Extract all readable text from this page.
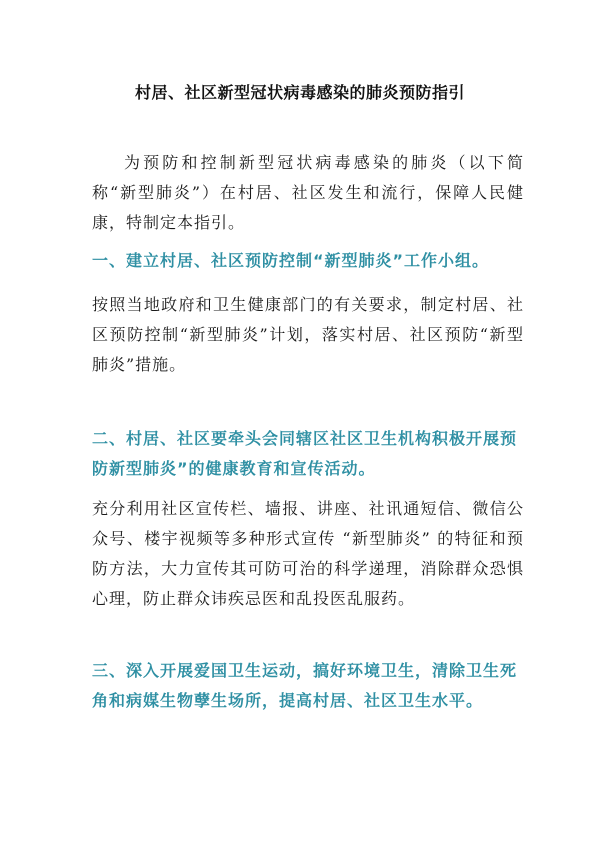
村居、社区新型冠状病毒感染的肺炎预防指引
为预防和控制新型冠状病毒感染的肺炎（以下简称“新型肺炎”）在村居、社区发生和流行，保障人民健康，特制定本指引。
一、建立村居、社区预防控制“新型肺炎”工作小组。
按照当地政府和卫生健康部门的有关要求，制定村居、社区预防控制“新型肺炎”计划，落实村居、社区预防“新型肺炎”措施。
二、村居、社区要牵头会同辖区社区卫生机构积极开展预防新型肺炎”的健康教育和宣传活动。
充分利用社区宣传栏、墙报、讲座、社讯通短信、微信公众号、楼宇视频等多种形式宣传 “新型肺炎” 的特征和预防方法，大力宣传其可防可治的科学递理，消除群众恐惧心理，防止群众讳疾忌医和乱投医乱服药。
三、深入开展爱国卫生运动，搞好环境卫生，清除卫生死角和病媒生物孽生场所，提高村居、社区卫生水平。
